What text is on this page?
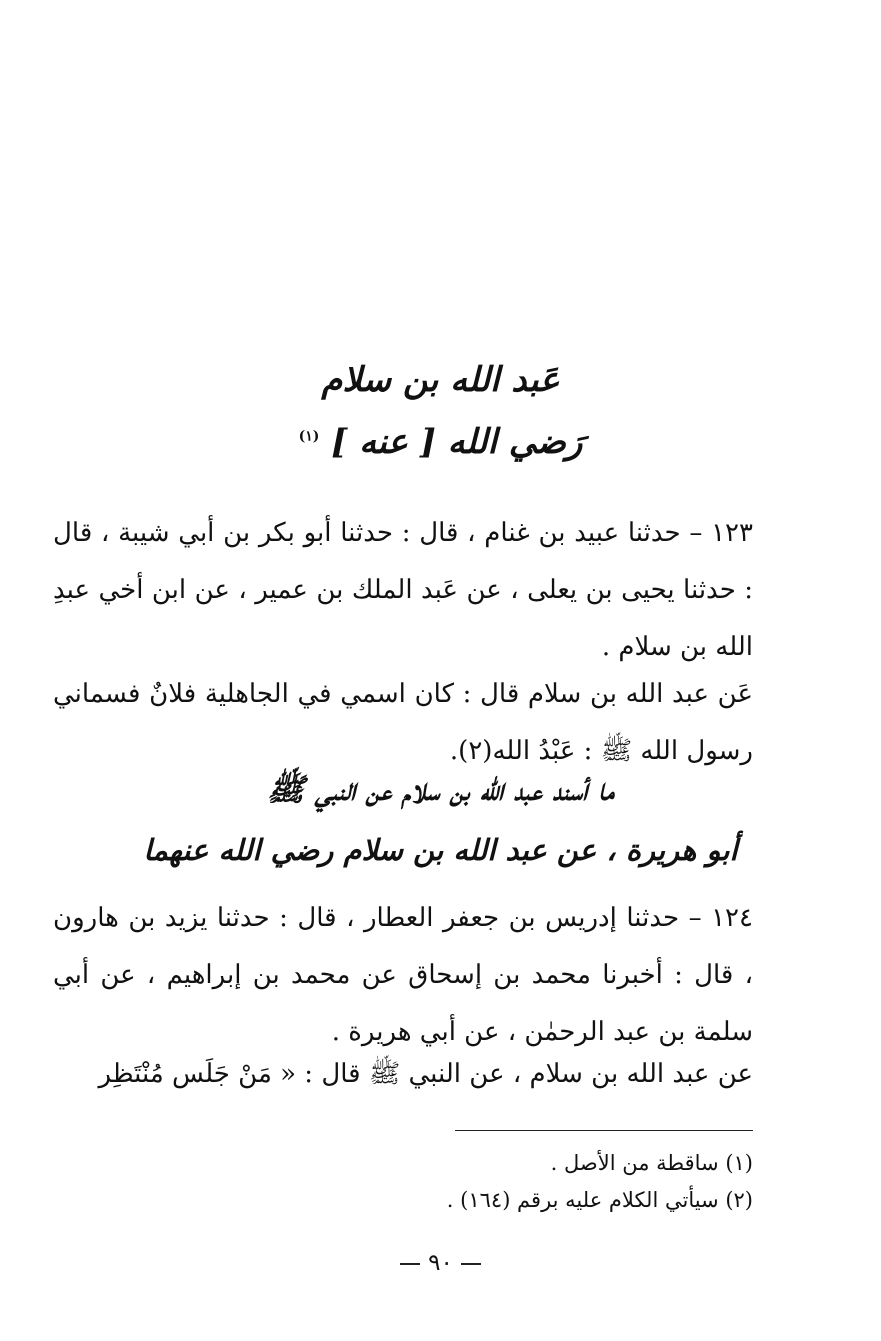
عَبد الله بن سلام
رَضي الله [ عنه ] $^{(١)}$
١٢٣ – حدثنا عبيد بن غنام ، قال : حدثنا أبو بكر بن أبي شيبة ، قال : حدثنا يحيى بن يعلى ، عن عَبد الملك بن عمير ، عن ابن أخي عبدِ الله بن سلام .
عَن عبد الله بن سلام قال : كان اسمي في الجاهلية فلانٌ فسماني رسول الله ﷺ : عَبْدُ الله(٢).
ما أسند عبد الله بن سلام عن النبي ﷺ
أبو هريرة ، عن عبد الله بن سلام رضي الله عنهما
١٢٤ – حدثنا إدريس بن جعفر العطار ، قال : حدثنا يزيد بن هارون ، قال : أخبرنا محمد بن إسحاق عن محمد بن إبراهيم ، عن أبي سلمة بن عبد الرحمٰن ، عن أبي هريرة .
عن عبد الله بن سلام ، عن النبي ﷺ قال : « مَنْ جَلَس مُنْتَظِر
(١) ساقطة من الأصل .
(٢) سيأتي الكلام عليه برقم (١٦٤) .
٩٠
